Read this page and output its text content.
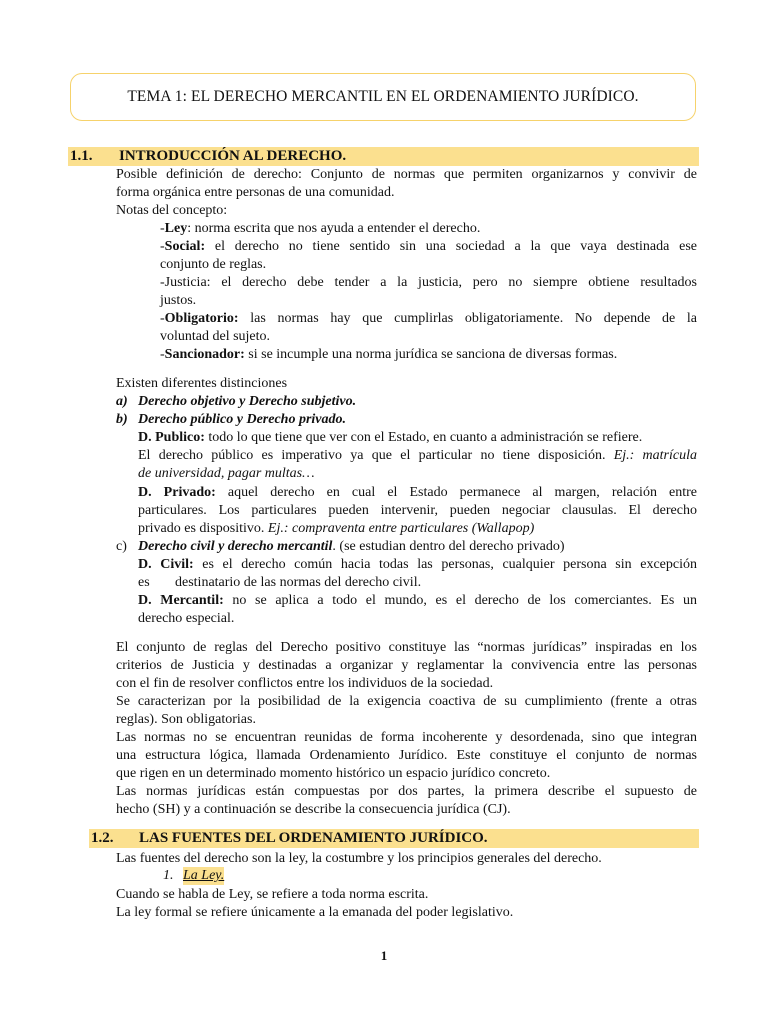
TEMA 1: EL DERECHO MERCANTIL EN EL ORDENAMIENTO JURÍDICO.
1.1. INTRODUCCIÓN AL DERECHO.
Posible definición de derecho: Conjunto de normas que permiten organizarnos y convivir de
forma orgánica entre personas de una comunidad.
Notas del concepto:
-Ley: norma escrita que nos ayuda a entender el derecho.
-Social: el derecho no tiene sentido sin una sociedad a la que vaya destinada ese
conjunto de reglas.
-Justicia: el derecho debe tender a la justicia, pero no siempre obtiene resultados
justos.
-Obligatorio: las normas hay que cumplirlas obligatoriamente. No depende de la
voluntad del sujeto.
-Sancionador: si se incumple una norma jurídica se sanciona de diversas formas.
Existen diferentes distinciones
a) Derecho objetivo y Derecho subjetivo.
b) Derecho público y Derecho privado.
D. Publico: todo lo que tiene que ver con el Estado, en cuanto a administración se refiere.
El derecho público es imperativo ya que el particular no tiene disposición. Ej.: matrícula
de universidad, pagar multas…
D. Privado: aquel derecho en cual el Estado permanece al margen, relación entre
particulares. Los particulares pueden intervenir, pueden negociar clausulas. El derecho
privado es dispositivo. Ej.: compraventa entre particulares (Wallapop)
c) Derecho civil y derecho mercantil. (se estudian dentro del derecho privado)
D. Civil: es el derecho común hacia todas las personas, cualquier persona sin excepción
es destinatario de las normas del derecho civil.
D. Mercantil: no se aplica a todo el mundo, es el derecho de los comerciantes. Es un
derecho especial.
El conjunto de reglas del Derecho positivo constituye las “normas jurídicas” inspiradas en los
criterios de Justicia y destinadas a organizar y reglamentar la convivencia entre las personas
con el fin de resolver conflictos entre los individuos de la sociedad.
Se caracterizan por la posibilidad de la exigencia coactiva de su cumplimiento (frente a otras
reglas). Son obligatorias.
Las normas no se encuentran reunidas de forma incoherente y desordenada, sino que integran
una estructura lógica, llamada Ordenamiento Jurídico. Este constituye el conjunto de normas
que rigen en un determinado momento histórico un espacio jurídico concreto.
Las normas jurídicas están compuestas por dos partes, la primera describe el supuesto de
hecho (SH) y a continuación se describe la consecuencia jurídica (CJ).
1.2. LAS FUENTES DEL ORDENAMIENTO JURÍDICO.
Las fuentes del derecho son la ley, la costumbre y los principios generales del derecho.
1. La Ley.
Cuando se habla de Ley, se refiere a toda norma escrita.
La ley formal se refiere únicamente a la emanada del poder legislativo.
1
